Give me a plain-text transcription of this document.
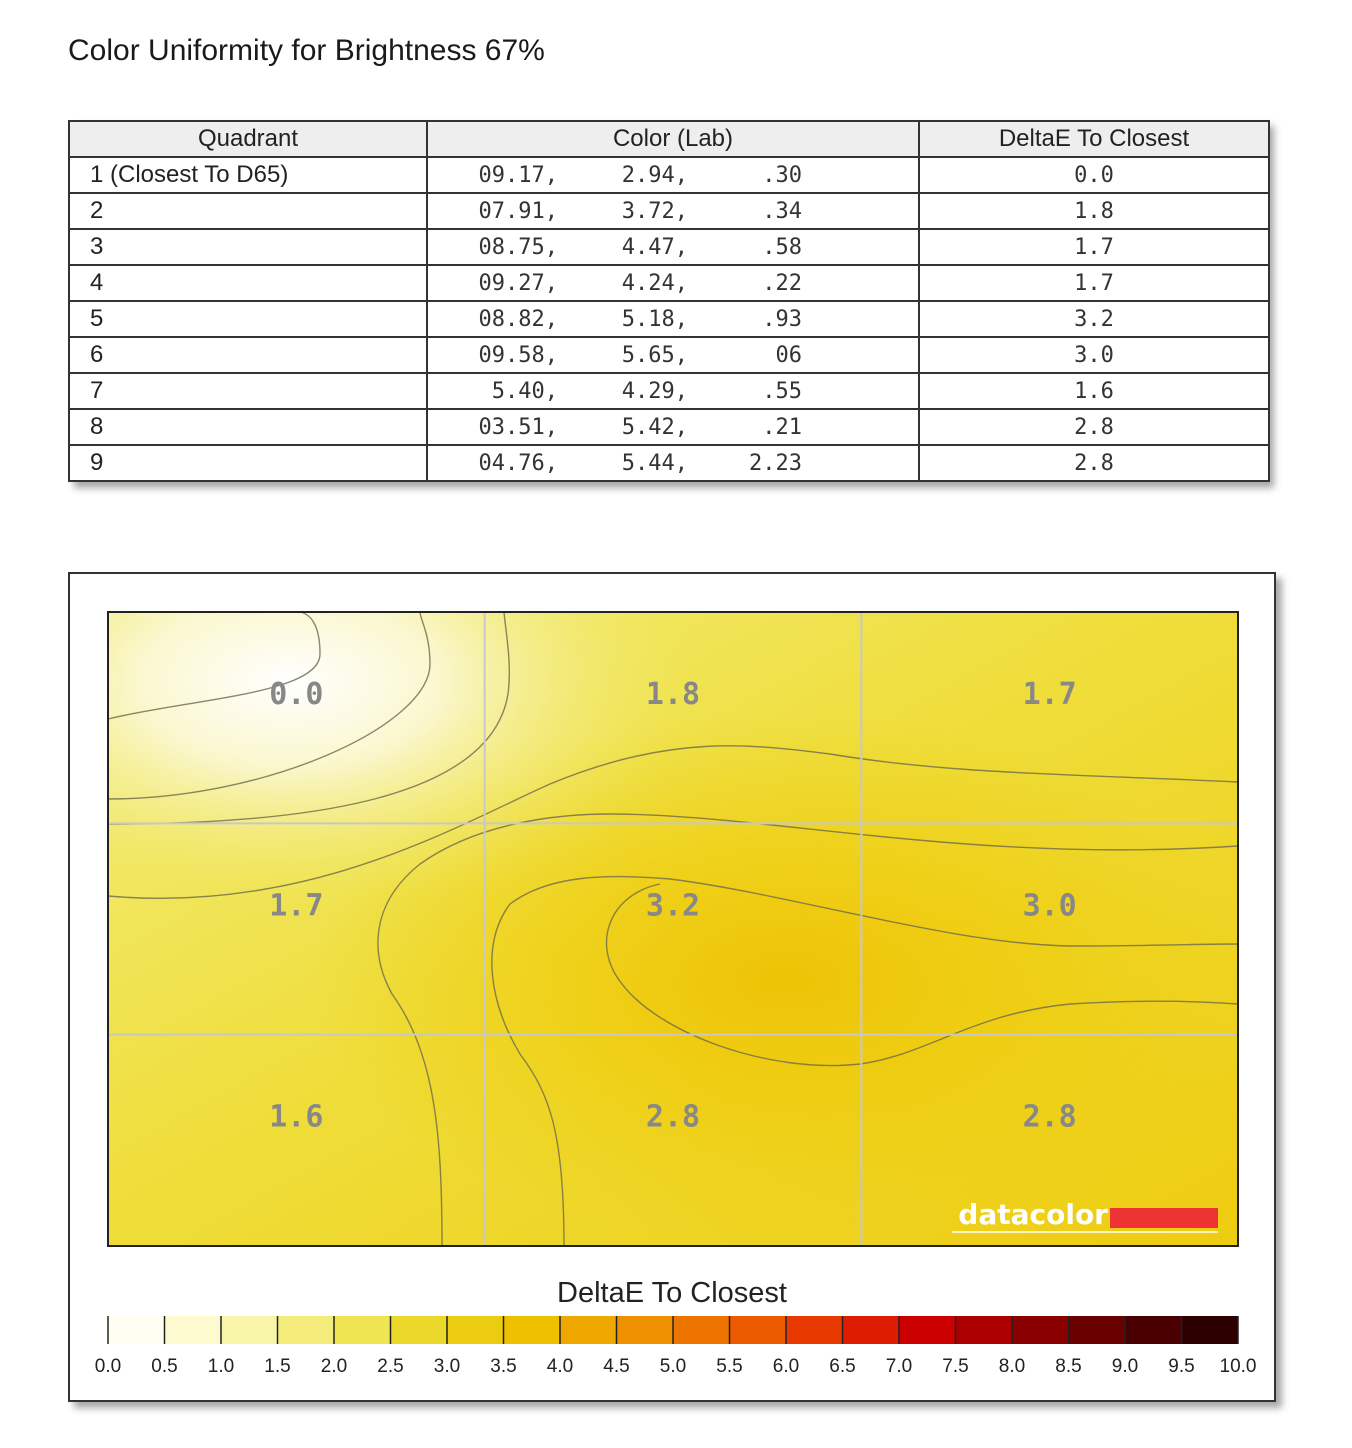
Color Uniformity for Brightness 67%
Quadrant	Color (Lab)	DeltaE To Closest
1 (Closest To D65)	09.17, 2.94, .30	0.0
2	07.91, 3.72, .34	1.8
3	08.75, 4.47, .58	1.7
4	09.27, 4.24, .22	1.7
5	08.82, 5.18, .93	3.2
6	09.58, 5.65, 06	3.0
7	5.40, 4.29, .55	1.6
8	03.51, 5.42, .21	2.8
9	04.76, 5.44, 2.23	2.8
0.0	1.8	1.7
1.7	3.2	3.0
1.6	2.8	2.8
datacolor
DeltaE To Closest
0.0 0.5 1.0 1.5 2.0 2.5 3.0 3.5 4.0 4.5 5.0 5.5 6.0 6.5 7.0 7.5 8.0 8.5 9.0 9.5 10.0
